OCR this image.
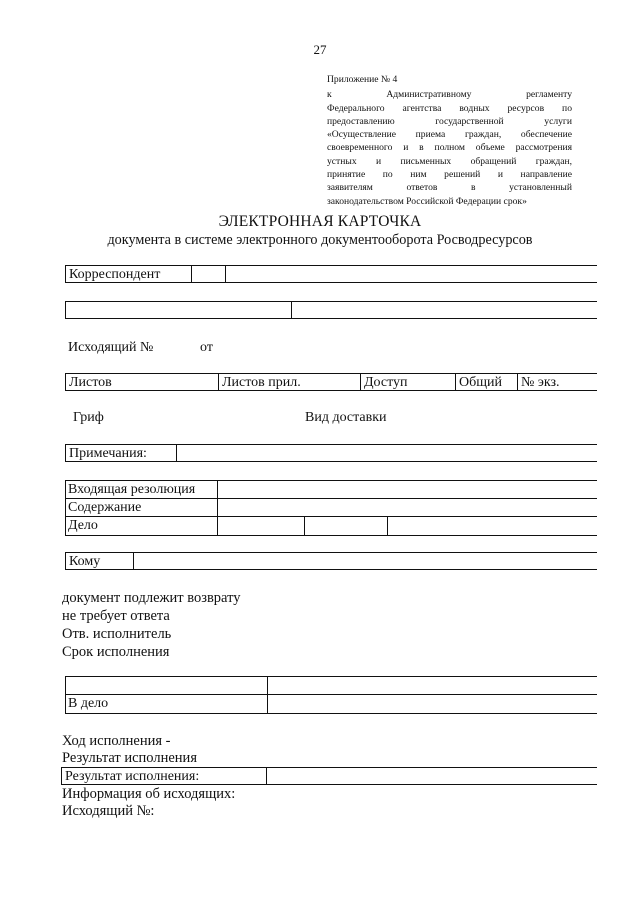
27
Приложение № 4
к Административному регламенту
Федерального агентства водных ресурсов по
предоставлению государственной услуги
«Осуществление приема граждан, обеспечение
своевременного и в полном объеме рассмотрения
устных и письменных обращений граждан,
принятие по ним решений и направление
заявителям ответов в установленный
законодательством Российской Федерации срок»
ЭЛЕКТРОННАЯ КАРТОЧКА
документа в системе электронного документооборота Росводресурсов
Корреспондент
Исходящий №	от
Листов	Листов прил.	Доступ	Общий № экз.
Гриф	Вид доставки
Примечания:
Входящая резолюция
Содержание
Дело
Кому
документ подлежит возврату
не требует ответа
Отв. исполнитель
Срок исполнения
В дело
Ход исполнения -
Результат исполнения
Результат исполнения:
Информация об исходящих:
Исходящий №:
